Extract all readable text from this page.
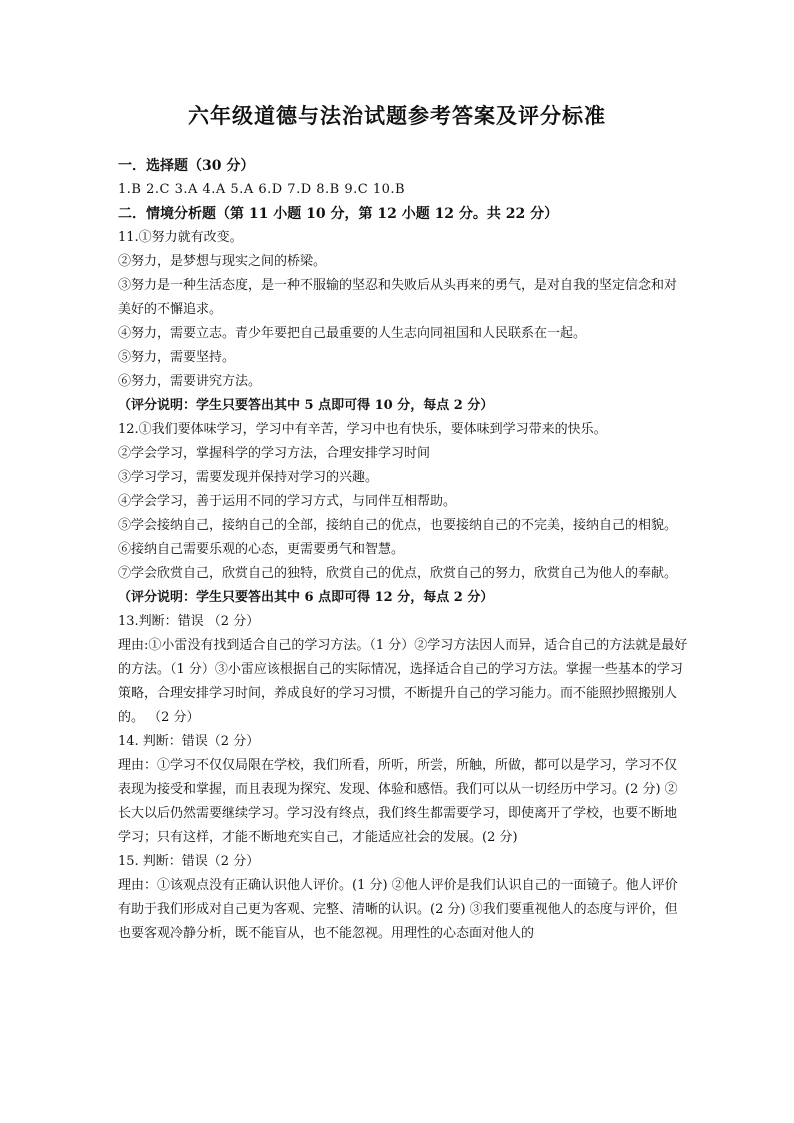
六年级道德与法治试题参考答案及评分标准

一．选择题（30 分）

1.B 2.C 3.A 4.A 5.A 6.D 7.D 8.B 9.C 10.B

二．情境分析题（第 11 小题 10 分，第 12 小题 12 分。共 22 分）

11.①努力就有改变。

②努力，是梦想与现实之间的桥梁。

③努力是一种生活态度，是一种不服输的坚忍和失败后从头再来的勇气，是对自我的坚定信念和对美好的不懈追求。

④努力，需要立志。青少年要把自己最重要的人生志向同祖国和人民联系在一起。

⑤努力，需要坚持。

⑥努力，需要讲究方法。

（评分说明：学生只要答出其中 5 点即可得 10 分，每点 2 分）

12.①我们要体味学习，学习中有辛苦，学习中也有快乐，要体味到学习带来的快乐。

②学会学习，掌握科学的学习方法，合理安排学习时间

③学习学习，需要发现并保持对学习的兴趣。

④学会学习，善于运用不同的学习方式，与同伴互相帮助。

⑤学会接纳自己，接纳自己的全部，接纳自己的优点，也要接纳自己的不完美，接纳自己的相貌。

⑥接纳自己需要乐观的心态，更需要勇气和智慧。

⑦学会欣赏自己，欣赏自己的独特，欣赏自己的优点，欣赏自己的努力，欣赏自己为他人的奉献。

（评分说明：学生只要答出其中 6 点即可得 12 分，每点 2 分）

13.判断：错误 （2 分）

理由:①小雷没有找到适合自己的学习方法。（1 分）②学习方法因人而异，适合自己的方法就是最好的方法。（1 分）③小雷应该根据自己的实际情况，选择适合自己的学习方法。掌握一些基本的学习策略，合理安排学习时间，养成良好的学习习惯，不断提升自己的学习能力。而不能照抄照搬别人的。 （2 分）

14. 判断：错误（2 分）

理由：①学习不仅仅局限在学校，我们所看，所听，所尝，所触，所做，都可以是学习，学习不仅表现为接受和掌握，而且表现为探究、发现、体验和感悟。我们可以从一切经历中学习。(2 分) ②长大以后仍然需要继续学习。学习没有终点，我们终生都需要学习，即使离开了学校，也要不断地学习；只有这样，才能不断地充实自己，才能适应社会的发展。(2 分)

15. 判断：错误（2 分）

理由：①该观点没有正确认识他人评价。(1 分) ②他人评价是我们认识自己的一面镜子。他人评价有助于我们形成对自己更为客观、完整、清晰的认识。(2 分) ③我们要重视他人的态度与评价，但也要客观冷静分析，既不能盲从，也不能忽视。用理性的心态面对他人的
